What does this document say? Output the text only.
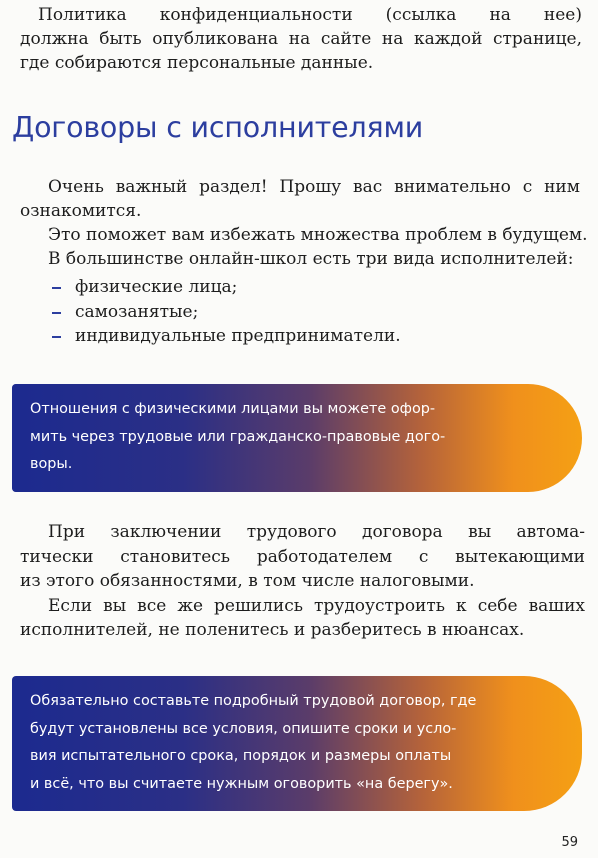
Политика конфиденциальности (ссылка на нее)
должна быть опубликована на сайте на каждой странице,
где собираются персональные данные.
Договоры с исполнителями
Очень важный раздел! Прошу вас внимательно с ним
ознакомится.
Это поможет вам избежать множества проблем в будущем.
В большинстве онлайн-школ есть три вида исполнителей:
физические лица;
самозанятые;
индивидуальные предприниматели.
Отношения с физическими лицами вы можете офор-
мить через трудовые или гражданско-правовые дого-
воры.
При заключении трудового договора вы автома-
тически становитесь работодателем с вытекающими
из этого обязанностями, в том числе налоговыми.
Если вы все же решились трудоустроить к себе ваших
исполнителей, не поленитесь и разберитесь в нюансах.
Обязательно составьте подробный трудовой договор, где
будут установлены все условия, опишите сроки и усло-
вия испытательного срока, порядок и размеры оплаты
и всё, что вы считаете нужным оговорить «на берегу».
59
